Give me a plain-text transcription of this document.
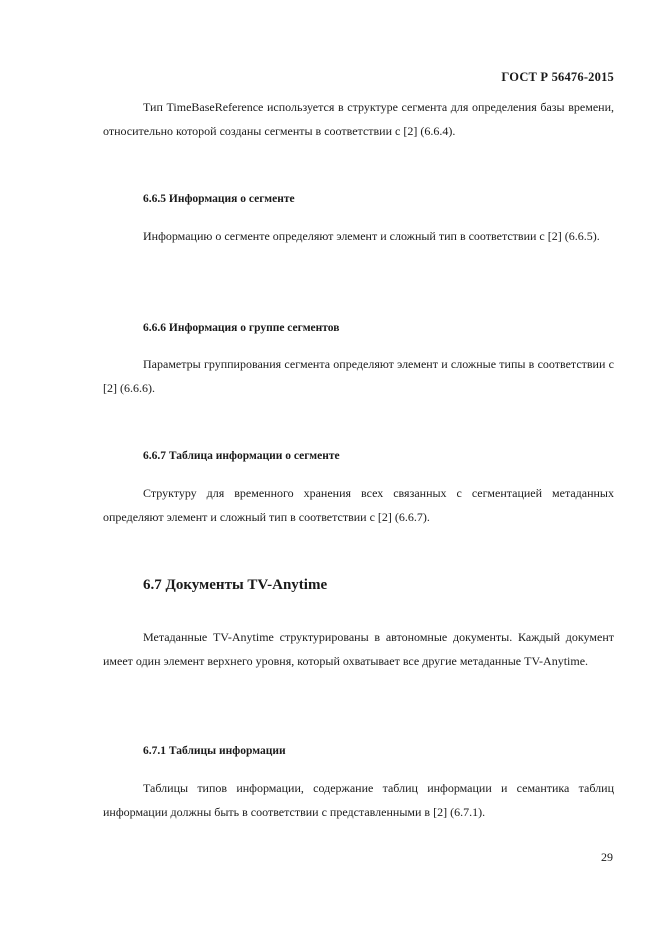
ГОСТ Р 56476-2015

Тип TimeBaseReference используется в структуре сегмента для определения базы времени, относительно которой созданы сегменты в соответствии с [2] (6.6.4).

6.6.5 Информация о сегменте

Информацию о сегменте определяют элемент и сложный тип в соответствии с [2] (6.6.5).

6.6.6 Информация о группе сегментов

Параметры группирования сегмента определяют элемент и сложные типы в соответствии с [2] (6.6.6).

6.6.7 Таблица информации о сегменте

Структуру для временного хранения всех связанных с сегментацией метаданных определяют элемент и сложный тип в соответствии с [2] (6.6.7).

6.7 Документы TV-Anytime

Метаданные TV-Anytime структурированы в автономные документы. Каждый документ имеет один элемент верхнего уровня, который охватывает все другие метаданные TV-Anytime.

6.7.1 Таблицы информации

Таблицы типов информации, содержание таблиц информации и семантика таблиц информации должны быть в соответствии с представленными в [2] (6.7.1).

29
